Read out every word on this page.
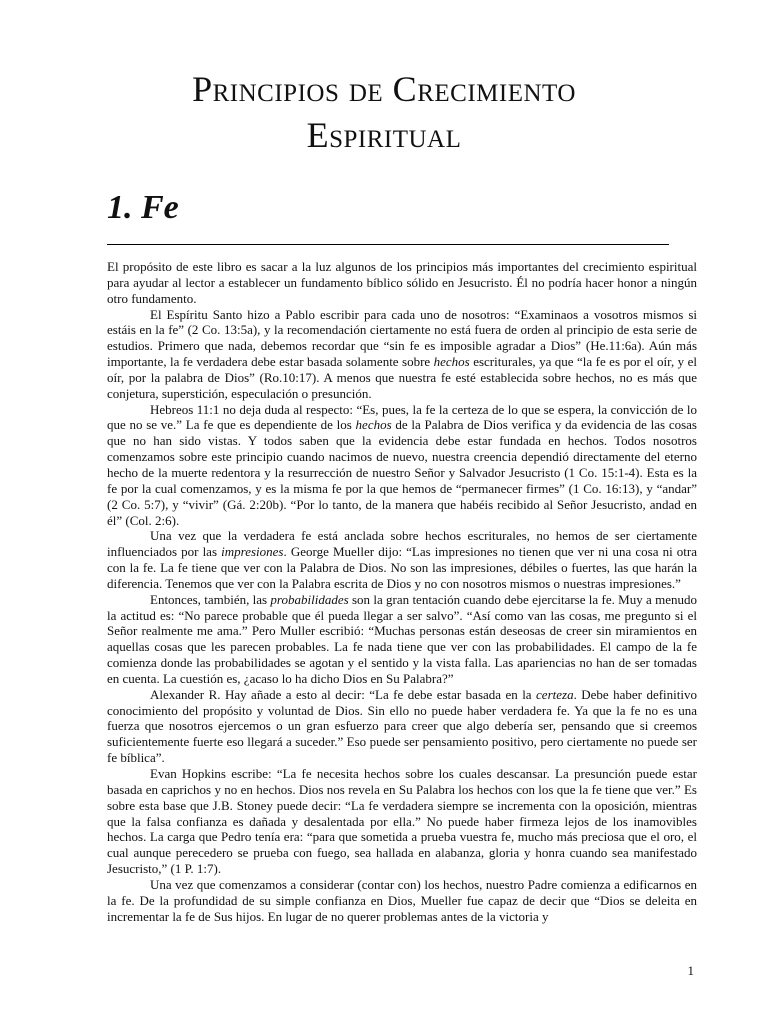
Principios de Crecimiento
Espiritual
1. Fe

El propósito de este libro es sacar a la luz algunos de los principios más importantes del crecimiento espiritual para ayudar al lector a establecer un fundamento bíblico sólido en Jesucristo. Él no podría hacer honor a ningún otro fundamento.

El Espíritu Santo hizo a Pablo escribir para cada uno de nosotros: “Examinaos a vosotros mismos si estáis en la fe” (2 Co. 13:5a), y la recomendación ciertamente no está fuera de orden al principio de esta serie de estudios. Primero que nada, debemos recordar que “sin fe es imposible agradar a Dios” (He.11:6a). Aún más importante, la fe verdadera debe estar basada solamente sobre hechos escriturales, ya que “la fe es por el oír, y el oír, por la palabra de Dios” (Ro.10:17). A menos que nuestra fe esté establecida sobre hechos, no es más que conjetura, superstición, especulación o presunción.

Hebreos 11:1 no deja duda al respecto: “Es, pues, la fe la certeza de lo que se espera, la convicción de lo que no se ve.” La fe que es dependiente de los hechos de la Palabra de Dios verifica y da evidencia de las cosas que no han sido vistas. Y todos saben que la evidencia debe estar fundada en hechos. Todos nosotros comenzamos sobre este principio cuando nacimos de nuevo, nuestra creencia dependió directamente del eterno hecho de la muerte redentora y la resurrección de nuestro Señor y Salvador Jesucristo (1 Co. 15:1-4). Esta es la fe por la cual comenzamos, y es la misma fe por la que hemos de “permanecer firmes” (1 Co. 16:13), y “andar” (2 Co. 5:7), y “vivir” (Gá. 2:20b). “Por lo tanto, de la manera que habéis recibido al Señor Jesucristo, andad en él” (Col. 2:6).

Una vez que la verdadera fe está anclada sobre hechos escriturales, no hemos de ser ciertamente influenciados por las impresiones. George Mueller dijo: “Las impresiones no tienen que ver ni una cosa ni otra con la fe. La fe tiene que ver con la Palabra de Dios. No son las impresiones, débiles o fuertes, las que harán la diferencia. Tenemos que ver con la Palabra escrita de Dios y no con nosotros mismos o nuestras impresiones.”

Entonces, también, las probabilidades son la gran tentación cuando debe ejercitarse la fe. Muy a menudo la actitud es: “No parece probable que él pueda llegar a ser salvo”. “Así como van las cosas, me pregunto si el Señor realmente me ama.” Pero Muller escribió: “Muchas personas están deseosas de creer sin miramientos en aquellas cosas que les parecen probables. La fe nada tiene que ver con las probabilidades. El campo de la fe comienza donde las probabilidades se agotan y el sentido y la vista falla. Las apariencias no han de ser tomadas en cuenta. La cuestión es, ¿acaso lo ha dicho Dios en Su Palabra?”

Alexander R. Hay añade a esto al decir: “La fe debe estar basada en la certeza. Debe haber definitivo conocimiento del propósito y voluntad de Dios. Sin ello no puede haber verdadera fe. Ya que la fe no es una fuerza que nosotros ejercemos o un gran esfuerzo para creer que algo debería ser, pensando que si creemos suficientemente fuerte eso llegará a suceder.” Eso puede ser pensamiento positivo, pero ciertamente no puede ser fe bíblica”.

Evan Hopkins escribe: “La fe necesita hechos sobre los cuales descansar. La presunción puede estar basada en caprichos y no en hechos. Dios nos revela en Su Palabra los hechos con los que la fe tiene que ver.” Es sobre esta base que J.B. Stoney puede decir: “La fe verdadera siempre se incrementa con la oposición, mientras que la falsa confianza es dañada y desalentada por ella.” No puede haber firmeza lejos de los inamovibles hechos. La carga que Pedro tenía era: “para que sometida a prueba vuestra fe, mucho más preciosa que el oro, el cual aunque perecedero se prueba con fuego, sea hallada en alabanza, gloria y honra cuando sea manifestado Jesucristo,” (1 P. 1:7).

Una vez que comenzamos a considerar (contar con) los hechos, nuestro Padre comienza a edificarnos en la fe. De la profundidad de su simple confianza en Dios, Mueller fue capaz de decir que “Dios se deleita en incrementar la fe de Sus hijos. En lugar de no querer problemas antes de la victoria y

1
